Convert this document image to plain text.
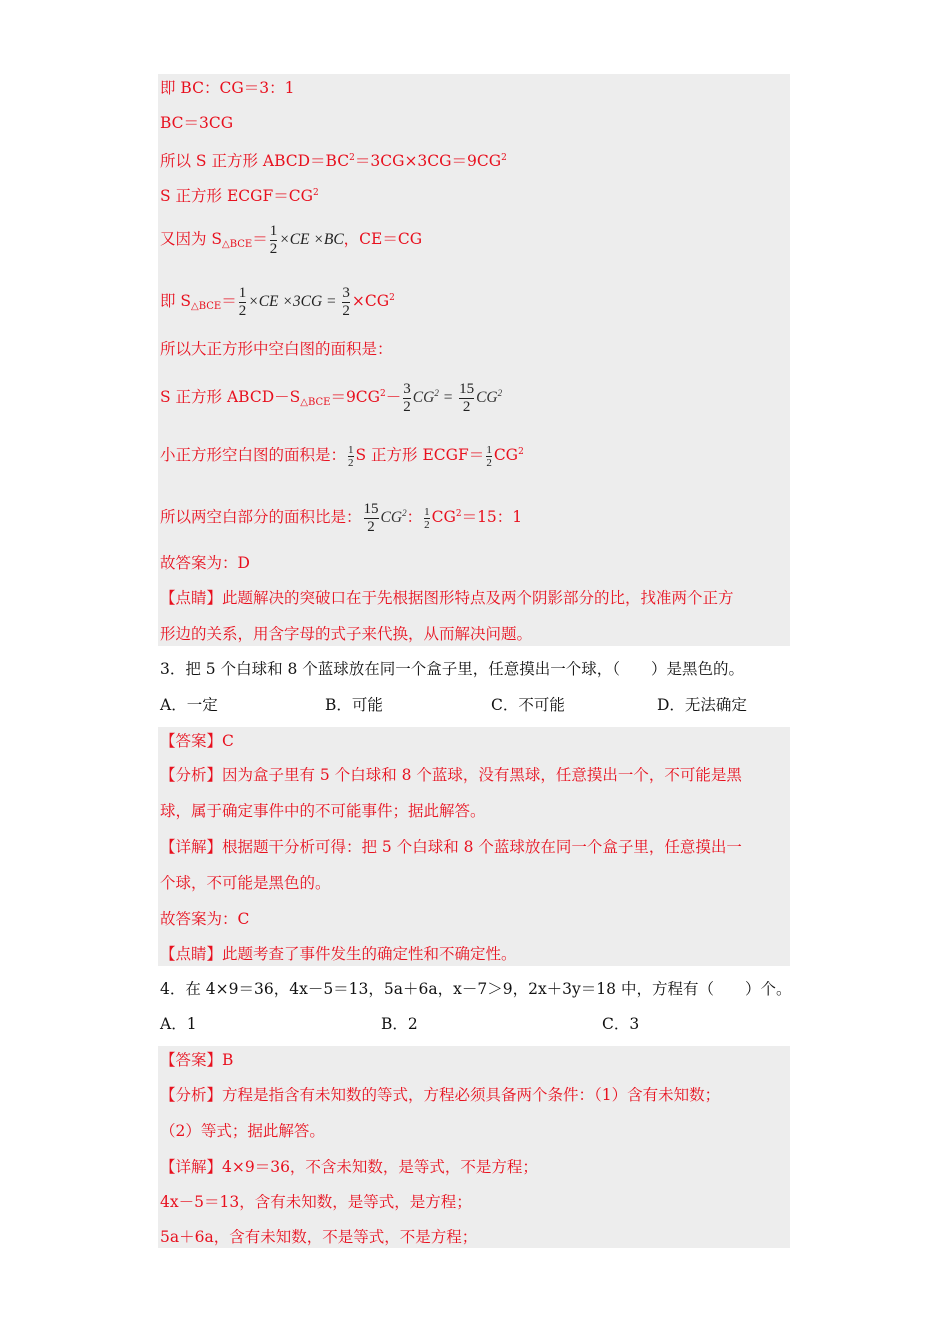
即 BC：CG＝3：1
BC＝3CG
所以 S 正方形 $ABCD=BC^2=3CG\times 3CG=9CG^2$
S 正方形 $ECGF=CG^2$
又因为 $S_{\triangle BCE}= \frac{1}{2} \times CE \times BC$，CE＝CG
即 $S_{\triangle BCE}= \frac{1}{2} \times CE \times 3CG = \frac{3}{2} \times CG^2$
所以大正方形中空白图的面积是：
S 正方形 $ABCD-S_{\triangle BCE}=9CG^2- \frac{3}{2} CG^2 = \frac{15}{2} CG^2$
小正方形空白图的面积是： $\frac{1}{2}$ S 正方形 ECGF＝ $\frac{1}{2} CG^2$
所以两空白部分的面积比是： $\frac{15}{2} CG^2$： $\frac{1}{2} CG^2=15$：1
故答案为：D
【点睛】此题解决的突破口在于先根据图形特点及两个阴影部分的比，找准两个正方
形边的关系，用含字母的式子来代换，从而解决问题。
3．把 5 个白球和 8 个蓝球放在同一个盒子里，任意摸出一个球，（　　）是黑色的。
A．一定	B．可能	C．不可能	D．无法确定
【答案】C
【分析】因为盒子里有 5 个白球和 8 个蓝球，没有黑球，任意摸出一个，不可能是黑
球，属于确定事件中的不可能事件；据此解答。
【详解】根据题干分析可得：把 5 个白球和 8 个蓝球放在同一个盒子里，任意摸出一
个球，不可能是黑色的。
故答案为：C
【点睛】此题考查了事件发生的确定性和不确定性。
4．在 4×9＝36，4x－5＝13，5a＋6a，x－7＞9，2x＋3y＝18 中，方程有（　　）个。
A．1	B．2	C．3
【答案】B
【分析】方程是指含有未知数的等式，方程必须具备两个条件：（1）含有未知数；
（2）等式；据此解答。
【详解】4×9＝36，不含未知数，是等式，不是方程；
4x－5＝13，含有未知数，是等式，是方程；
5a＋6a，含有未知数，不是等式，不是方程；
